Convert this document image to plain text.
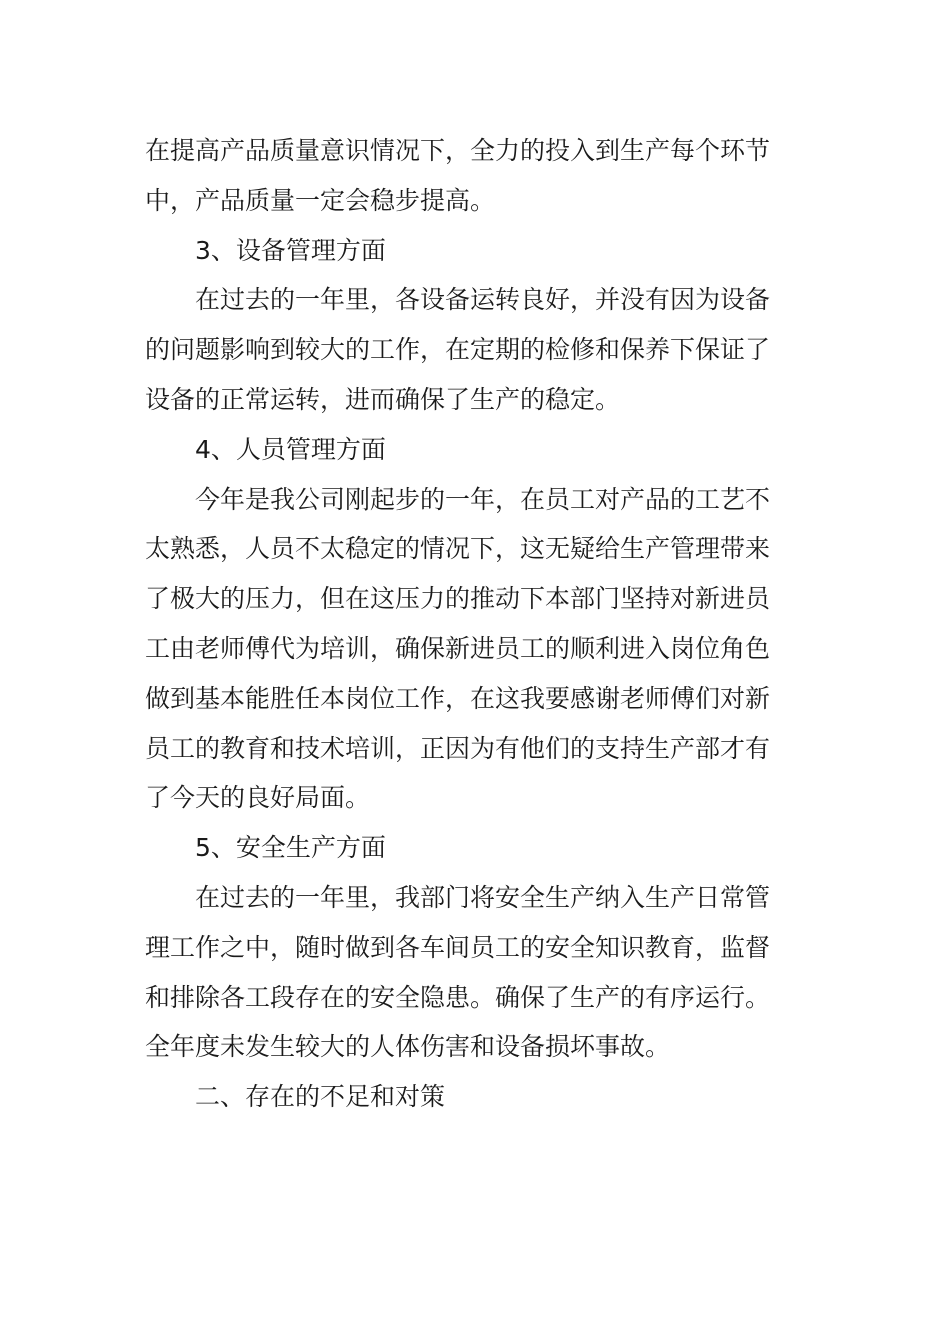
在提高产品质量意识情况下，全力的投入到生产每个环节
中，产品质量一定会稳步提高。
3、设备管理方面
在过去的一年里，各设备运转良好，并没有因为设备
的问题影响到较大的工作，在定期的检修和保养下保证了
设备的正常运转，进而确保了生产的稳定。
4、人员管理方面
今年是我公司刚起步的一年，在员工对产品的工艺不
太熟悉，人员不太稳定的情况下，这无疑给生产管理带来
了极大的压力，但在这压力的推动下本部门坚持对新进员
工由老师傅代为培训，确保新进员工的顺利进入岗位角色
做到基本能胜任本岗位工作，在这我要感谢老师傅们对新
员工的教育和技术培训，正因为有他们的支持生产部才有
了今天的良好局面。
5、安全生产方面
在过去的一年里，我部门将安全生产纳入生产日常管
理工作之中，随时做到各车间员工的安全知识教育，监督
和排除各工段存在的安全隐患。确保了生产的有序运行。
全年度未发生较大的人体伤害和设备损坏事故。
二、存在的不足和对策
